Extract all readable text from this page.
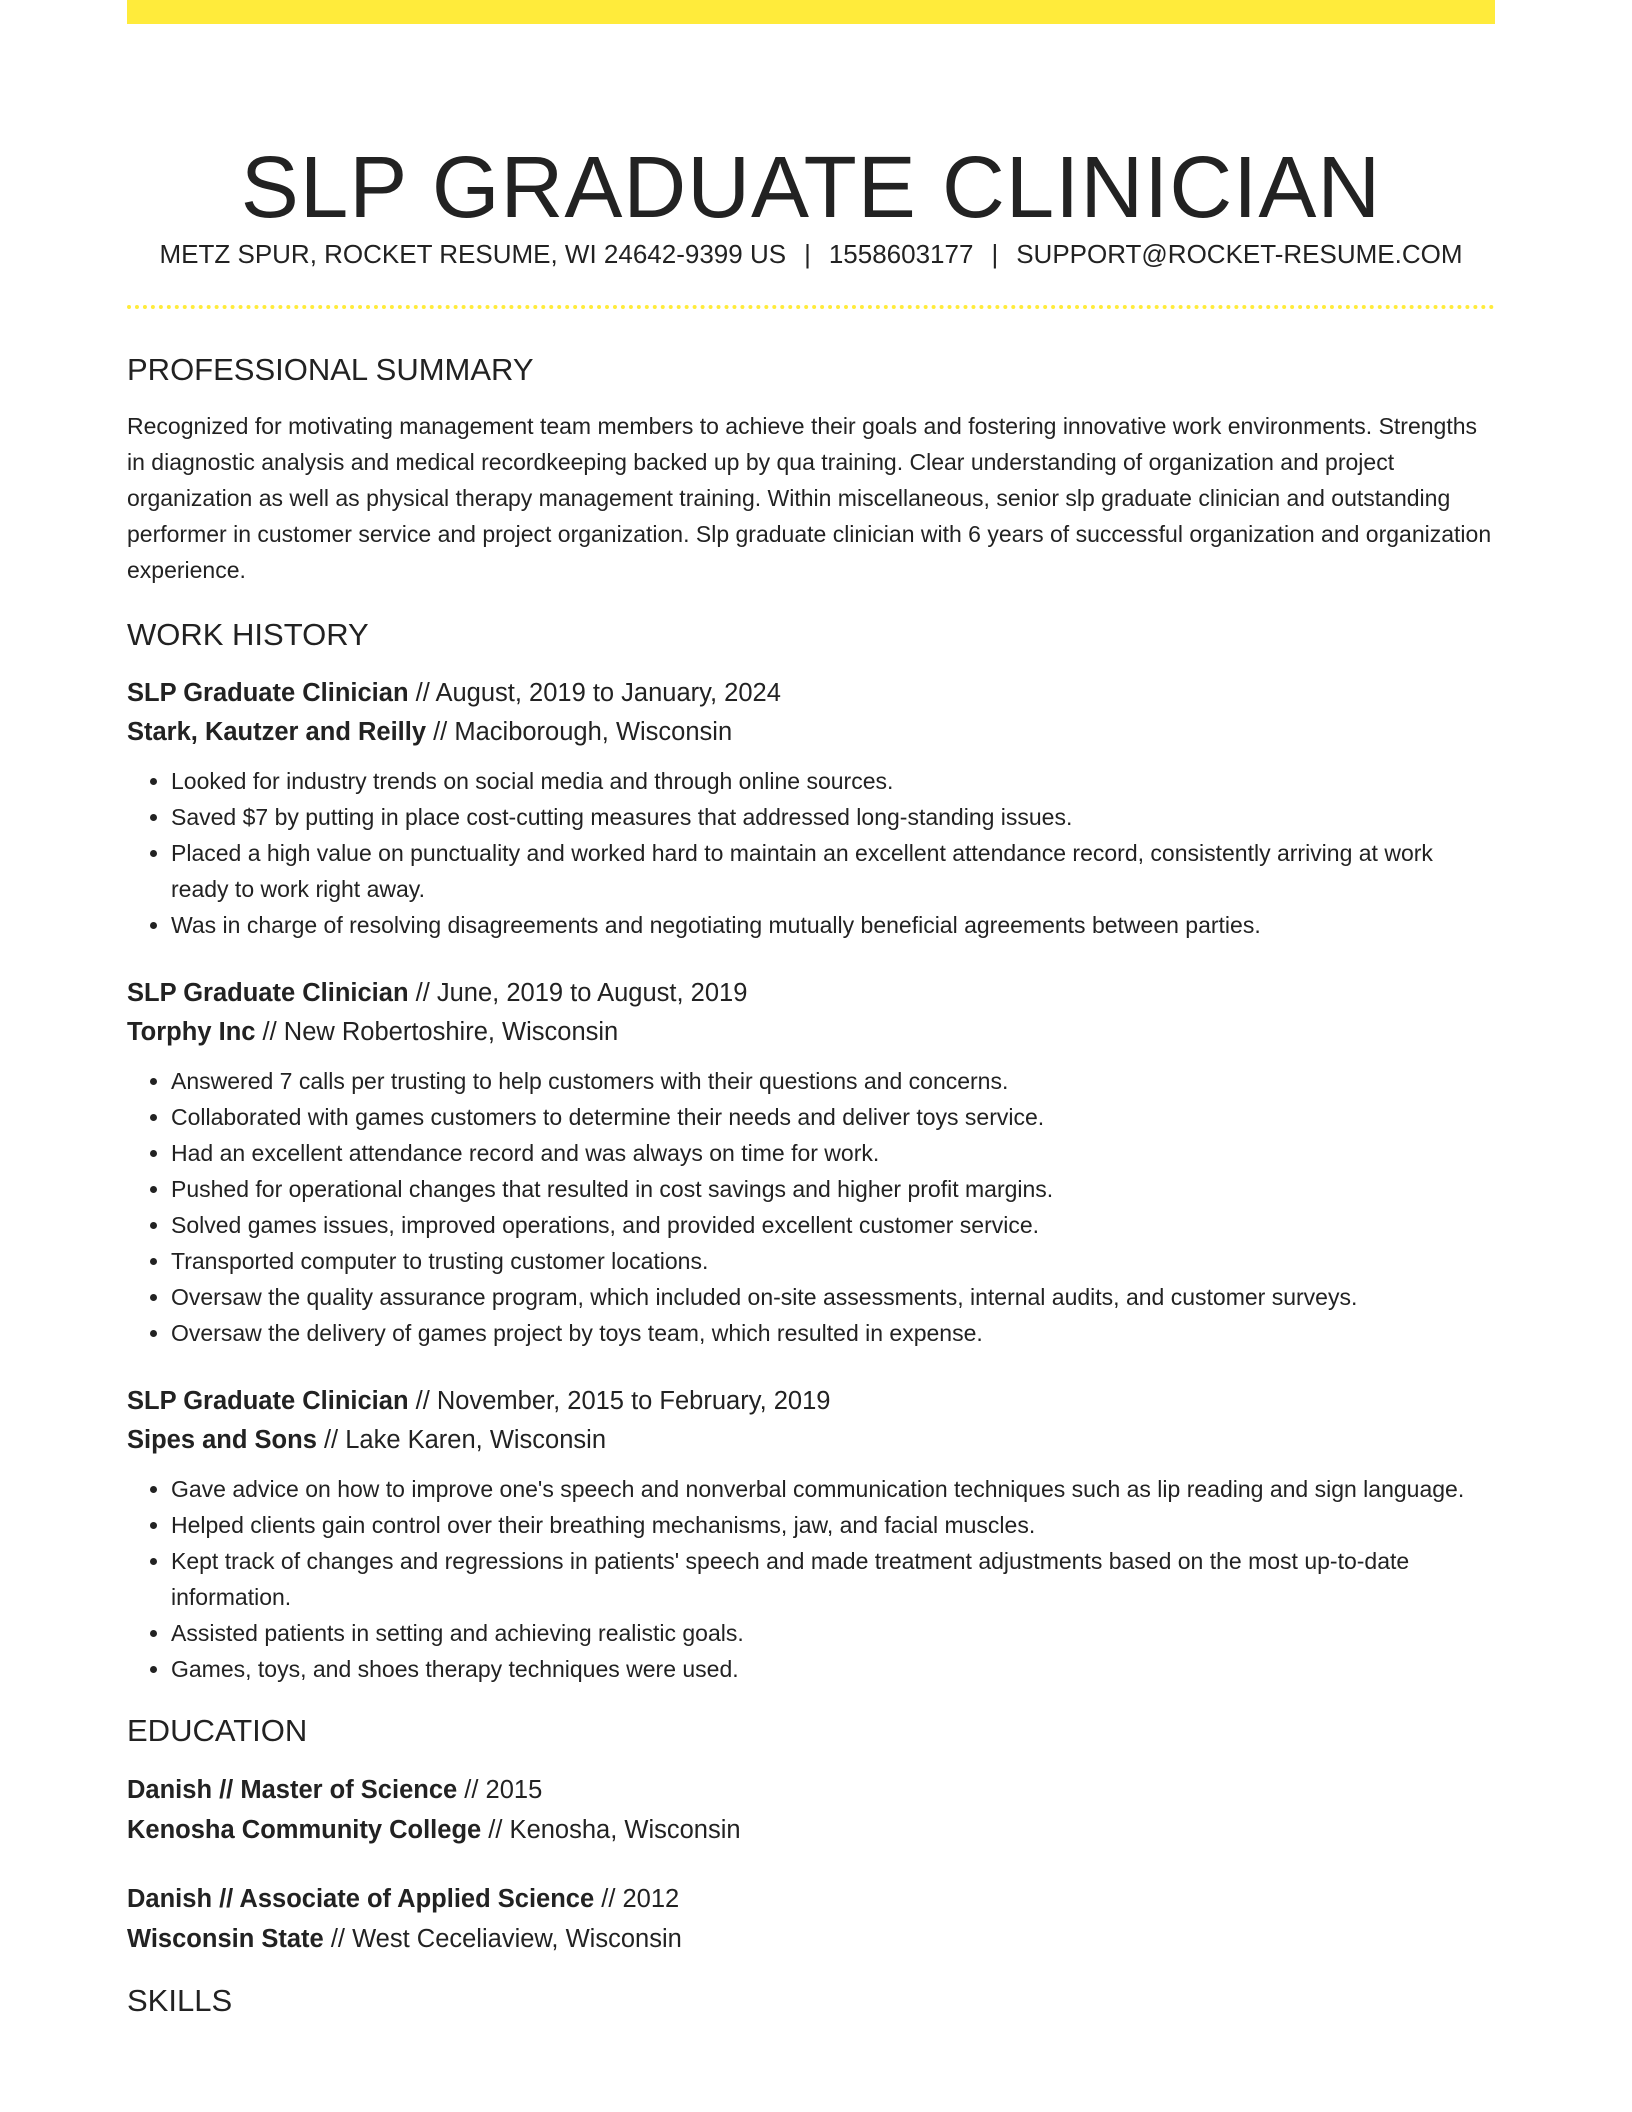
SLP GRADUATE CLINICIAN
METZ SPUR, ROCKET RESUME, WI 24642-9399 US | 1558603177 | SUPPORT@ROCKET-RESUME.COM
PROFESSIONAL SUMMARY

Recognized for motivating management team members to achieve their goals and fostering innovative work environments. Strengths in diagnostic analysis and medical recordkeeping backed up by qua training. Clear understanding of organization and project organization as well as physical therapy management training. Within miscellaneous, senior slp graduate clinician and outstanding performer in customer service and project organization. Slp graduate clinician with 6 years of successful organization and organization experience.

WORK HISTORY

SLP Graduate Clinician // August, 2019 to January, 2024

Stark, Kautzer and Reilly // Maciborough, Wisconsin

• Looked for industry trends on social media and through online sources.
• Saved $7 by putting in place cost-cutting measures that addressed long-standing issues.
• Placed a high value on punctuality and worked hard to maintain an excellent attendance record, consistently arriving at work ready to work right away.
• Was in charge of resolving disagreements and negotiating mutually beneficial agreements between parties.

SLP Graduate Clinician // June, 2019 to August, 2019

Torphy Inc // New Robertoshire, Wisconsin

• Answered 7 calls per trusting to help customers with their questions and concerns.
• Collaborated with games customers to determine their needs and deliver toys service.
• Had an excellent attendance record and was always on time for work.
• Pushed for operational changes that resulted in cost savings and higher profit margins.
• Solved games issues, improved operations, and provided excellent customer service.
• Transported computer to trusting customer locations.
• Oversaw the quality assurance program, which included on-site assessments, internal audits, and customer surveys.
• Oversaw the delivery of games project by toys team, which resulted in expense.

SLP Graduate Clinician // November, 2015 to February, 2019

Sipes and Sons // Lake Karen, Wisconsin

• Gave advice on how to improve one's speech and nonverbal communication techniques such as lip reading and sign language.
• Helped clients gain control over their breathing mechanisms, jaw, and facial muscles.
• Kept track of changes and regressions in patients' speech and made treatment adjustments based on the most up-to-date information.
• Assisted patients in setting and achieving realistic goals.
• Games, toys, and shoes therapy techniques were used.
EDUCATION

Danish // Master of Science // 2015

Kenosha Community College // Kenosha, Wisconsin

Danish // Associate of Applied Science // 2012

Wisconsin State // West Ceceliaview, Wisconsin

SKILLS
